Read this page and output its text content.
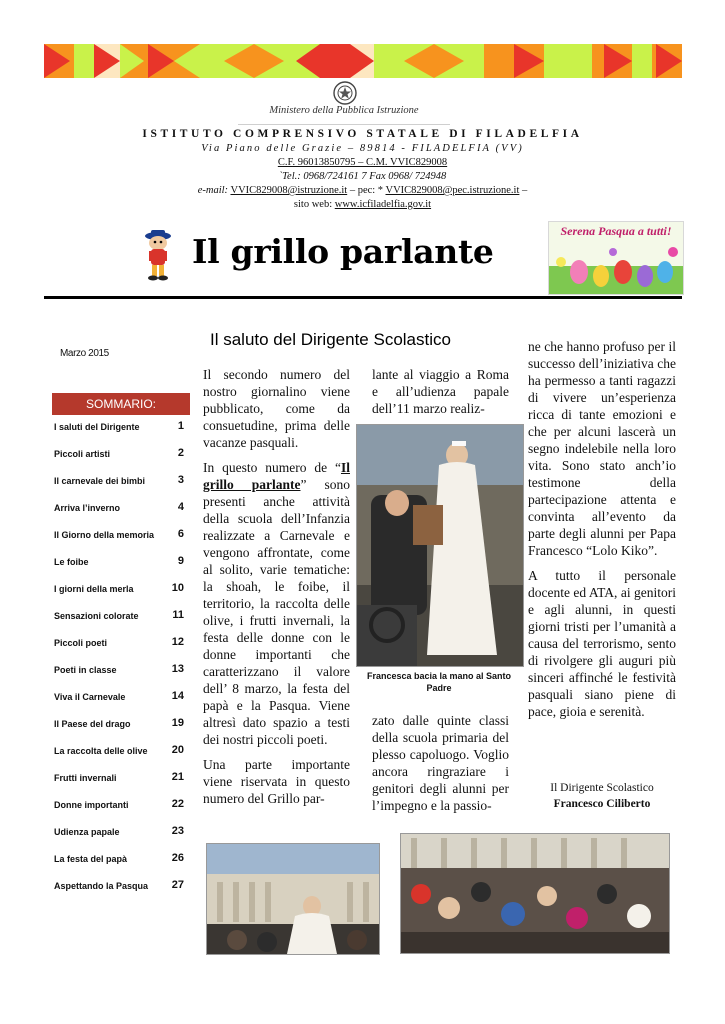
Ministero della Pubblica Istruzione
ISTITUTO COMPRENSIVO STATALE DI FILADELFIA
Via Piano delle Grazie – 89814 - FILADELFIA (VV)
C.F. 96013850795 – C.M. VVIC829008
`Tel.: 0968/724161 7 Fax 0968/ 724948
e-mail: VVIC829008@istruzione.it – pec: * VVIC829008@pec.istruzione.it –
sito web: www.icfiladelfia.gov.it
Il grillo parlante
Serena Pasqua a tutti!
Marzo 2015
SOMMARIO:
I saluti del Dirigente	1
Piccoli artisti	2
Il carnevale dei bimbi	3
Arriva l’inverno	4
Il Giorno della memoria 6
Le foibe	9
I giorni della merla	10
Sensazioni colorate	11
Piccoli poeti	12
Poeti in classe	13
Viva il Carnevale	14
Il Paese del drago	19
La raccolta delle olive 20
Frutti invernali	21
Donne importanti	22
Udienza papale	23
La festa del papà	26
Aspettando la Pasqua 27
Il saluto del Dirigente Scolastico

Il secondo numero del nostro giornalino viene pubblicato, come da consuetudine, prima delle vacanze pasquali.

In questo numero de “Il grillo parlante” sono presenti anche attività della scuola dell’Infanzia realizzate a Carnevale e vengono affrontate, come al solito, varie tematiche: la shoah, le foibe, il territorio, la raccolta delle olive, i frutti invernali, la festa delle donne con le donne importanti che caratterizzano il valore dell’ 8 marzo, la festa del papà e la Pasqua. Viene altresì dato spazio a testi dei nostri piccoli poeti.

Una parte importante viene riservata in questo numero del Grillo par-

lante al viaggio a Roma e all’udienza papale dell’11 marzo realiz-

Francesca bacia la mano al Santo Padre

zato dalle quinte classi della scuola primaria del plesso capoluogo. Voglio ancora ringraziare i genitori degli alunni per l’impegno e la passio-

ne che hanno profuso per il successo dell’iniziativa che ha permesso a tanti ragazzi di vivere un’esperienza ricca di tante emozioni e che per alcuni lascerà un segno indelebile nella loro vita. Sono stato anch’io testimone della partecipazione attenta e convinta all’evento da parte degli alunni per Papa Francesco “Lolo Kiko”.

A tutto il personale docente ed ATA, ai genitori e agli alunni, in questi giorni tristi per l’umanità a causa del terrorismo, sento di rivolgere gli auguri più sinceri affinché le festività pasquali siano piene di pace, gioia e serenità.

Il Dirigente Scolastico
Francesco Ciliberto
